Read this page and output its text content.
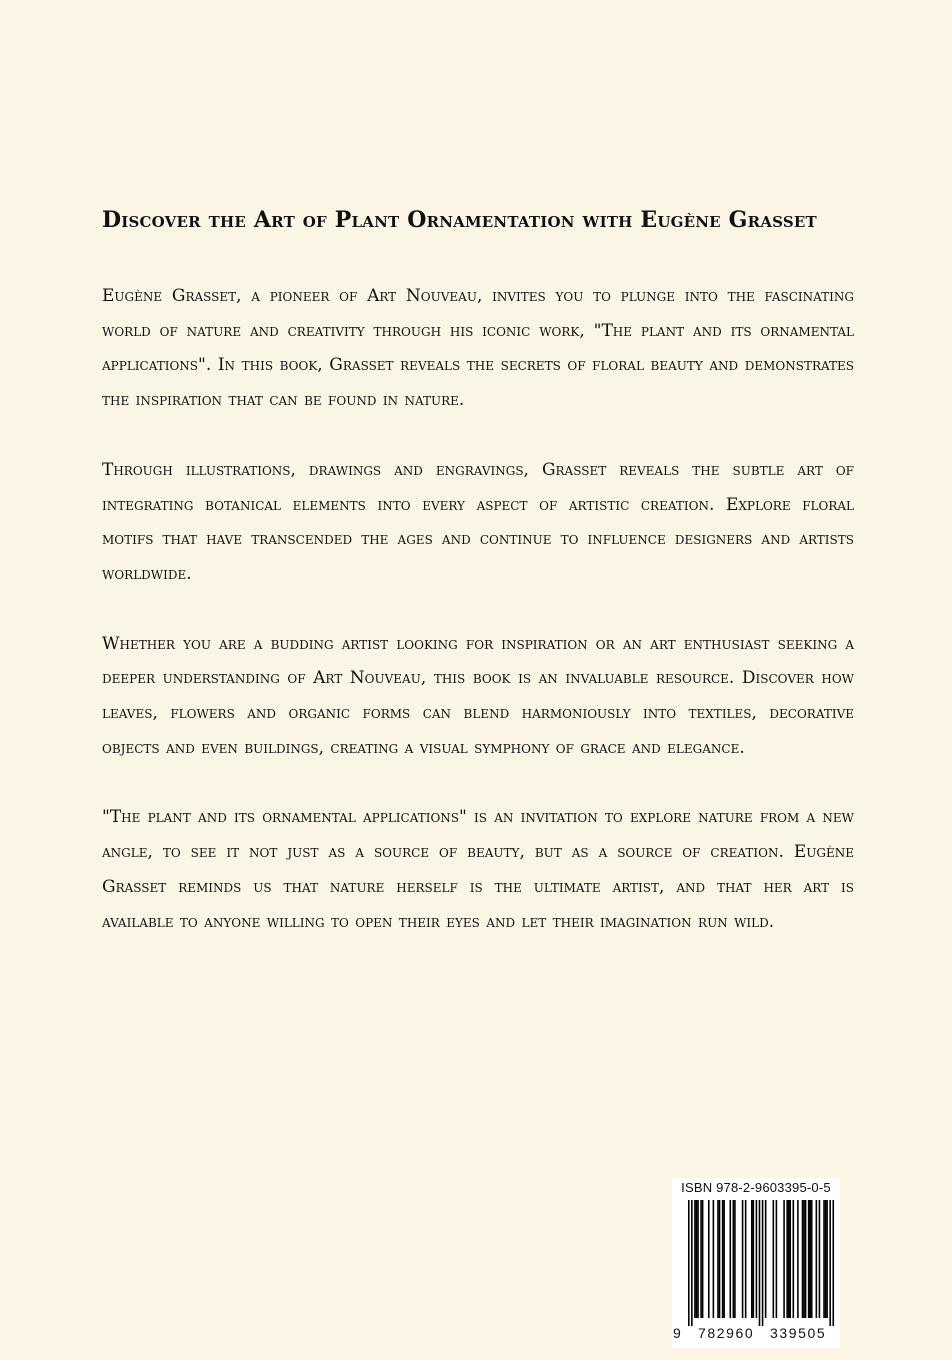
Discover the Art of Plant Ornamentation with Eugène Grasset

Eugène Grasset, a pioneer of Art Nouveau, invites you to plunge into the fascinating world of nature and creativity through his iconic work, "The plant and its ornamental applications". In this book, Grasset reveals the secrets of floral beauty and demonstrates the inspiration that can be found in nature.

Through illustrations, drawings and engravings, Grasset reveals the subtle art of integrating botanical elements into every aspect of artistic creation. Explore floral motifs that have transcended the ages and continue to influence designers and artists worldwide.

Whether you are a budding artist looking for inspiration or an art enthusiast seeking a deeper understanding of Art Nouveau, this book is an invaluable resource. Discover how leaves, flowers and organic forms can blend harmoniously into textiles, decorative objects and even buildings, creating a visual symphony of grace and elegance.

"The plant and its ornamental applications" is an invitation to explore nature from a new angle, to see it not just as a source of beauty, but as a source of creation. Eugène Grasset reminds us that nature herself is the ultimate artist, and that her art is available to anyone willing to open their eyes and let their imagination run wild.

ISBN 978-2-9603395-0-5
9 782960 339505
